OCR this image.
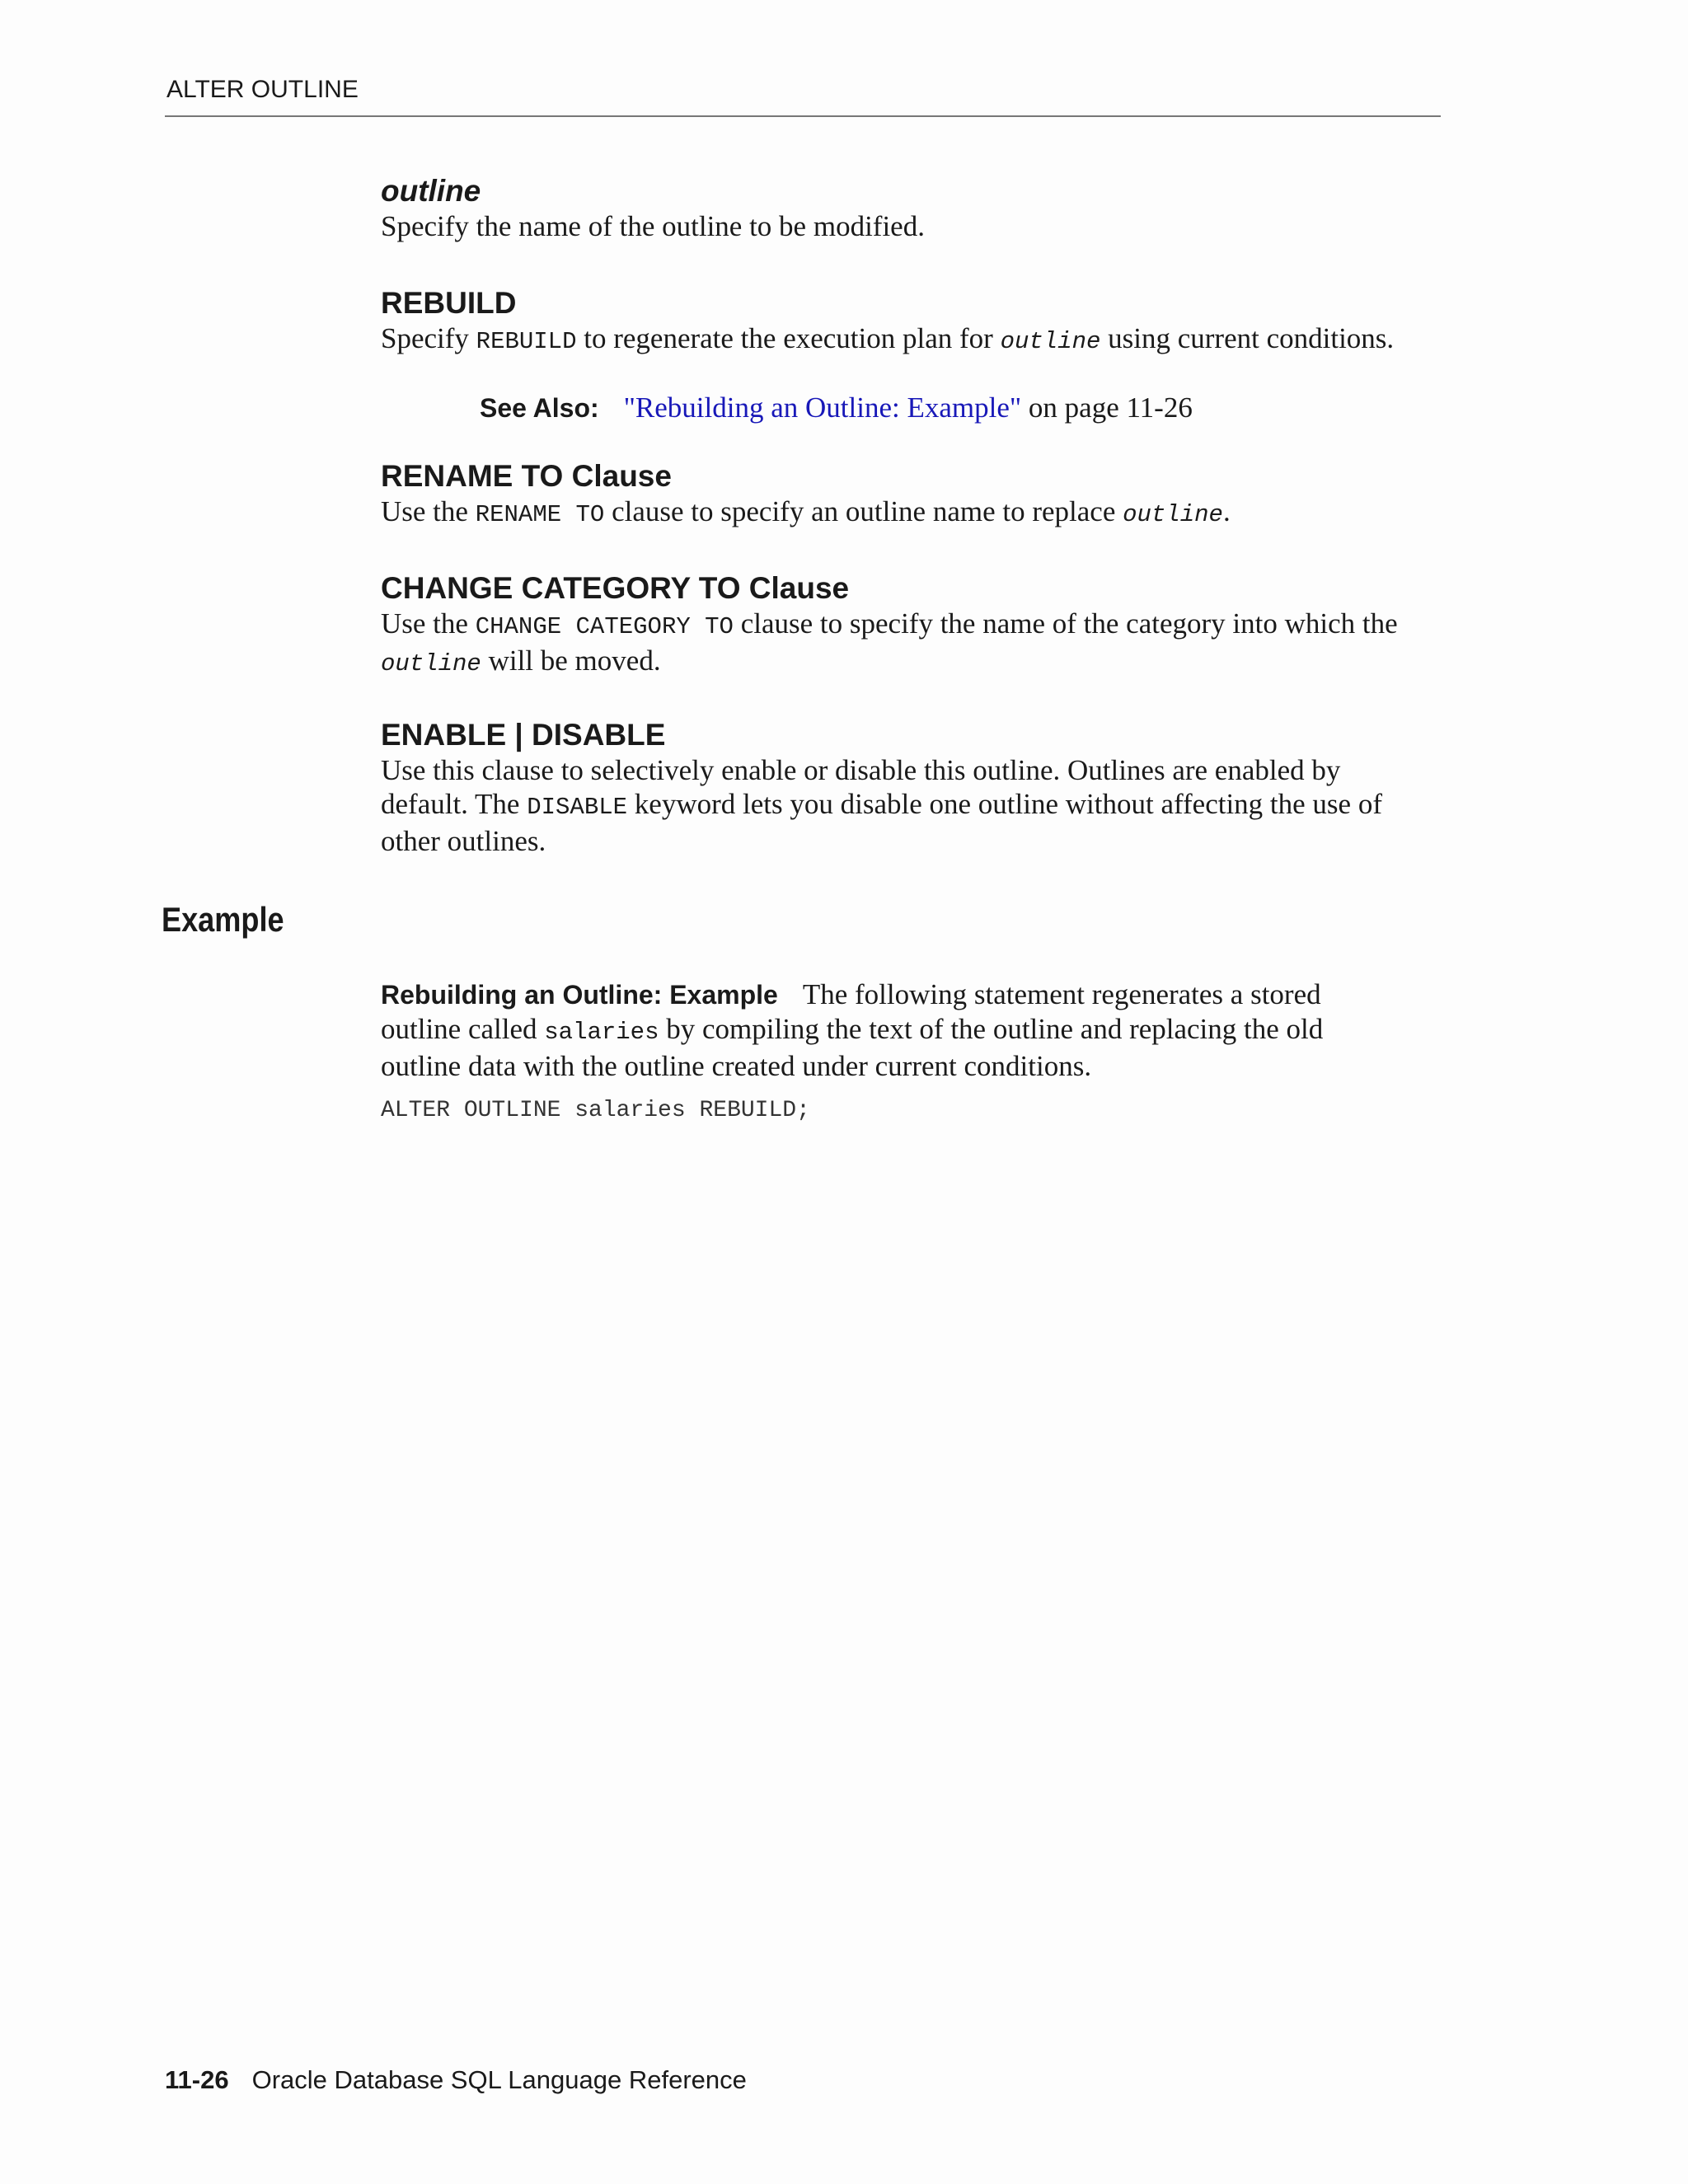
ALTER OUTLINE
outline

Specify the name of the outline to be modified.

REBUILD

Specify REBUILD to regenerate the execution plan for outline using current conditions.

See Also: "Rebuilding an Outline: Example" on page 11-26
RENAME TO Clause

Use the RENAME TO clause to specify an outline name to replace outline.

CHANGE CATEGORY TO Clause

Use the CHANGE CATEGORY TO clause to specify the name of the category into which the
outline will be moved.

ENABLE | DISABLE

Use this clause to selectively enable or disable this outline. Outlines are enabled by
default. The DISABLE keyword lets you disable one outline without affecting the use of
other outlines.

Example

Rebuilding an Outline: Example The following statement regenerates a stored
outline called salaries by compiling the text of the outline and replacing the old
outline data with the outline created under current conditions.

ALTER OUTLINE salaries REBUILD;
11-26 Oracle Database SQL Language Reference
